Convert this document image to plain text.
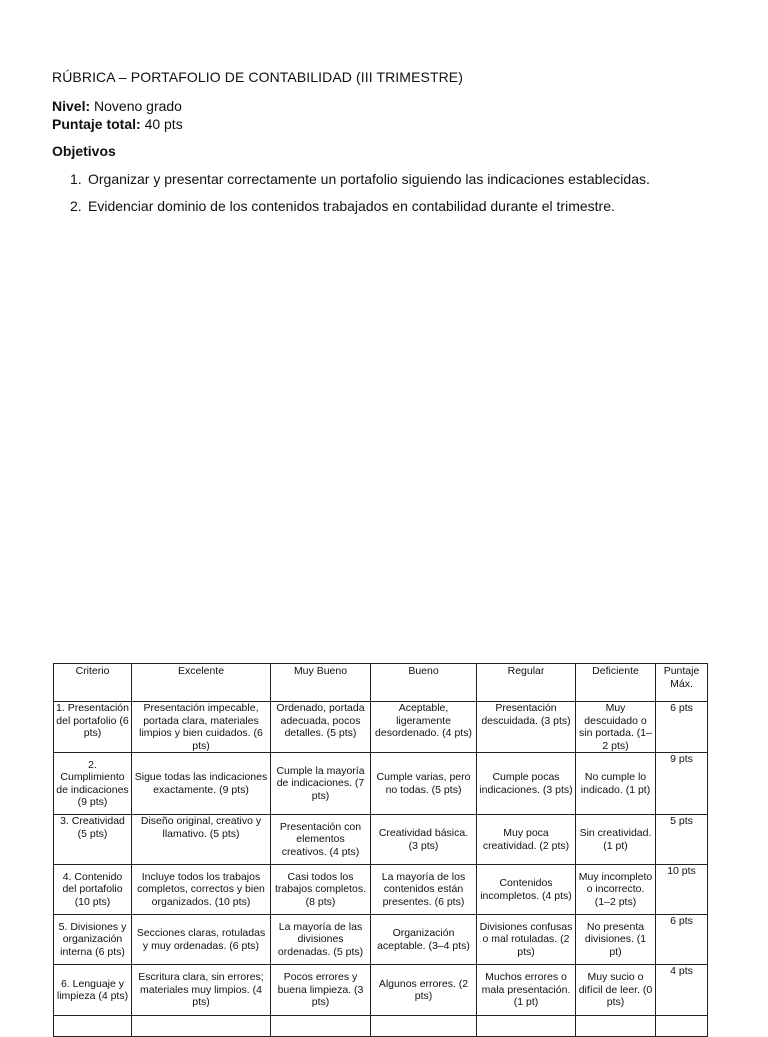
RÚBRICA – PORTAFOLIO DE CONTABILIDAD (III TRIMESTRE)
Nivel: Noveno grado
Puntaje total: 40 pts
Objetivos
1. Organizar y presentar correctamente un portafolio siguiendo las indicaciones establecidas.
2. Evidenciar dominio de los contenidos trabajados en contabilidad durante el trimestre.
Criterio	Excelente	Muy Bueno	Bueno	Regular	Deficiente	Puntaje Máx.
1. Presentación del portafolio (6 pts)	Presentación impecable, portada clara, materiales limpios y bien cuidados. (6 pts)	Ordenado, portada adecuada, pocos detalles. (5 pts)	Aceptable, ligeramente desordenado. (4 pts)	Presentación descuidada. (3 pts)	Muy descuidado o sin portada. (1–2 pts)	6 pts
2. Cumplimiento de indicaciones (9 pts)	Sigue todas las indicaciones exactamente. (9 pts)	Cumple la mayoría de indicaciones. (7 pts)	Cumple varias, pero no todas. (5 pts)	Cumple pocas indicaciones. (3 pts)	No cumple lo indicado. (1 pt)	9 pts
3. Creatividad (5 pts)	Diseño original, creativo y llamativo. (5 pts)	Presentación con elementos creativos. (4 pts)	Creatividad básica. (3 pts)	Muy poca creatividad. (2 pts)	Sin creatividad. (1 pt)	5 pts
4. Contenido del portafolio (10 pts)	Incluye todos los trabajos completos, correctos y bien organizados. (10 pts)	Casi todos los trabajos completos. (8 pts)	La mayoría de los contenidos están presentes. (6 pts)	Contenidos incompletos. (4 pts)	Muy incompleto o incorrecto. (1–2 pts)	10 pts
5. Divisiones y organización interna (6 pts)	Secciones claras, rotuladas y muy ordenadas. (6 pts)	La mayoría de las divisiones ordenadas. (5 pts)	Organización aceptable. (3–4 pts)	Divisiones confusas o mal rotuladas. (2 pts)	No presenta divisiones. (1 pt)	6 pts
6. Lenguaje y limpieza (4 pts)	Escritura clara, sin errores; materiales muy limpios. (4 pts)	Pocos errores y buena limpieza. (3 pts)	Algunos errores. (2 pts)	Muchos errores o mala presentación. (1 pt)	Muy sucio o difícil de leer. (0 pts)	4 pts
